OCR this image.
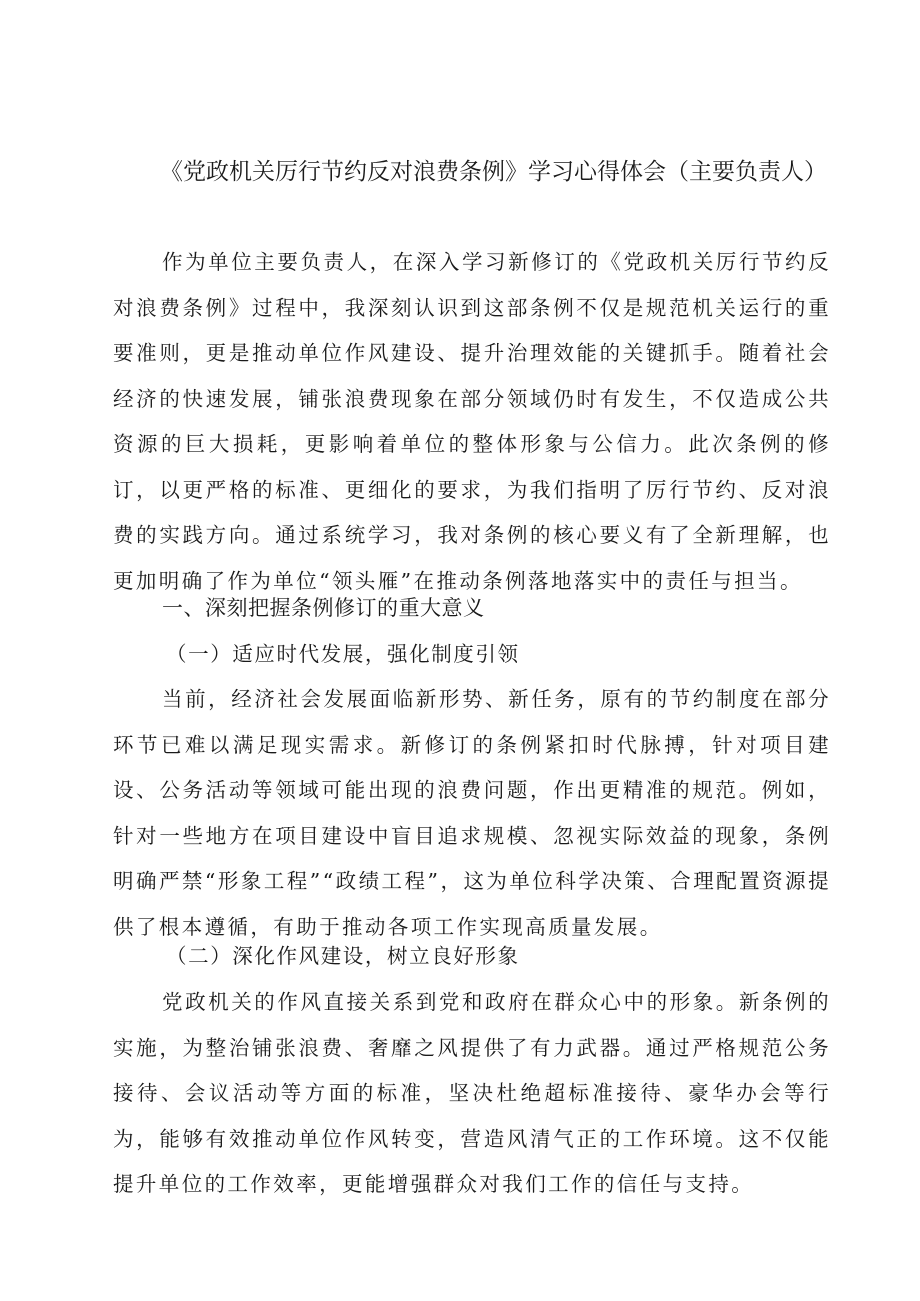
《党政机关厉行节约反对浪费条例》学习心得体会（主要负责人）

作为单位主要负责人，在深入学习新修订的《党政机关厉行节约反对浪费条例》过程中，我深刻认识到这部条例不仅是规范机关运行的重要准则，更是推动单位作风建设、提升治理效能的关键抓手。随着社会经济的快速发展，铺张浪费现象在部分领域仍时有发生，不仅造成公共资源的巨大损耗，更影响着单位的整体形象与公信力。此次条例的修订，以更严格的标准、更细化的要求，为我们指明了厉行节约、反对浪费的实践方向。通过系统学习，我对条例的核心要义有了全新理解，也更加明确了作为单位“领头雁”在推动条例落地落实中的责任与担当。

一、深刻把握条例修订的重大意义
（一）适应时代发展，强化制度引领

当前，经济社会发展面临新形势、新任务，原有的节约制度在部分环节已难以满足现实需求。新修订的条例紧扣时代脉搏，针对项目建设、公务活动等领域可能出现的浪费问题，作出更精准的规范。例如，针对一些地方在项目建设中盲目追求规模、忽视实际效益的现象，条例明确严禁“形象工程”“政绩工程”，这为单位科学决策、合理配置资源提供了根本遵循，有助于推动各项工作实现高质量发展。

（二）深化作风建设，树立良好形象

党政机关的作风直接关系到党和政府在群众心中的形象。新条例的实施，为整治铺张浪费、奢靡之风提供了有力武器。通过严格规范公务接待、会议活动等方面的标准，坚决杜绝超标准接待、豪华办会等行为，能够有效推动单位作风转变，营造风清气正的工作环境。这不仅能提升单位的工作效率，更能增强群众对我们工作的信任与支持。
